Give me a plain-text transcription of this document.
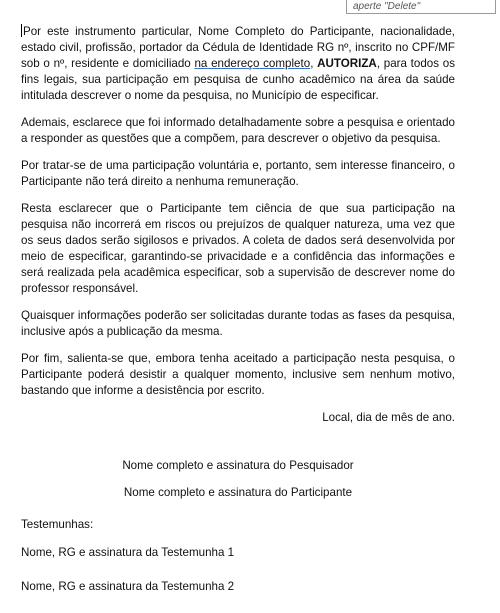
aperte "Delete"

Por este instrumento particular, Nome Completo do Participante, nacionalidade, estado civil, profissão, portador da Cédula de Identidade RG nº, inscrito no CPF/MF sob o nº, residente e domiciliado na endereço completo, AUTORIZA, para todos os fins legais, sua participação em pesquisa de cunho acadêmico na área da saúde intitulada descrever o nome da pesquisa, no Município de especificar.

Ademais, esclarece que foi informado detalhadamente sobre a pesquisa e orientado a responder as questões que a compõem, para descrever o objetivo da pesquisa.

Por tratar-se de uma participação voluntária e, portanto, sem interesse financeiro, o Participante não terá direito a nenhuma remuneração.

Resta esclarecer que o Participante tem ciência de que sua participação na pesquisa não incorrerá em riscos ou prejuízos de qualquer natureza, uma vez que os seus dados serão sigilosos e privados. A coleta de dados será desenvolvida por meio de especificar, garantindo-se privacidade e a confidência das informações e será realizada pela acadêmica especificar, sob a supervisão de descrever nome do professor responsável.

Quaisquer informações poderão ser solicitadas durante todas as fases da pesquisa, inclusive após a publicação da mesma.

Por fim, salienta-se que, embora tenha aceitado a participação nesta pesquisa, o Participante poderá desistir a qualquer momento, inclusive sem nenhum motivo, bastando que informe a desistência por escrito.

Local, dia de mês de ano.

Nome completo e assinatura do Pesquisador

Nome completo e assinatura do Participante

Testemunhas:

Nome, RG e assinatura da Testemunha 1

Nome, RG e assinatura da Testemunha 2
